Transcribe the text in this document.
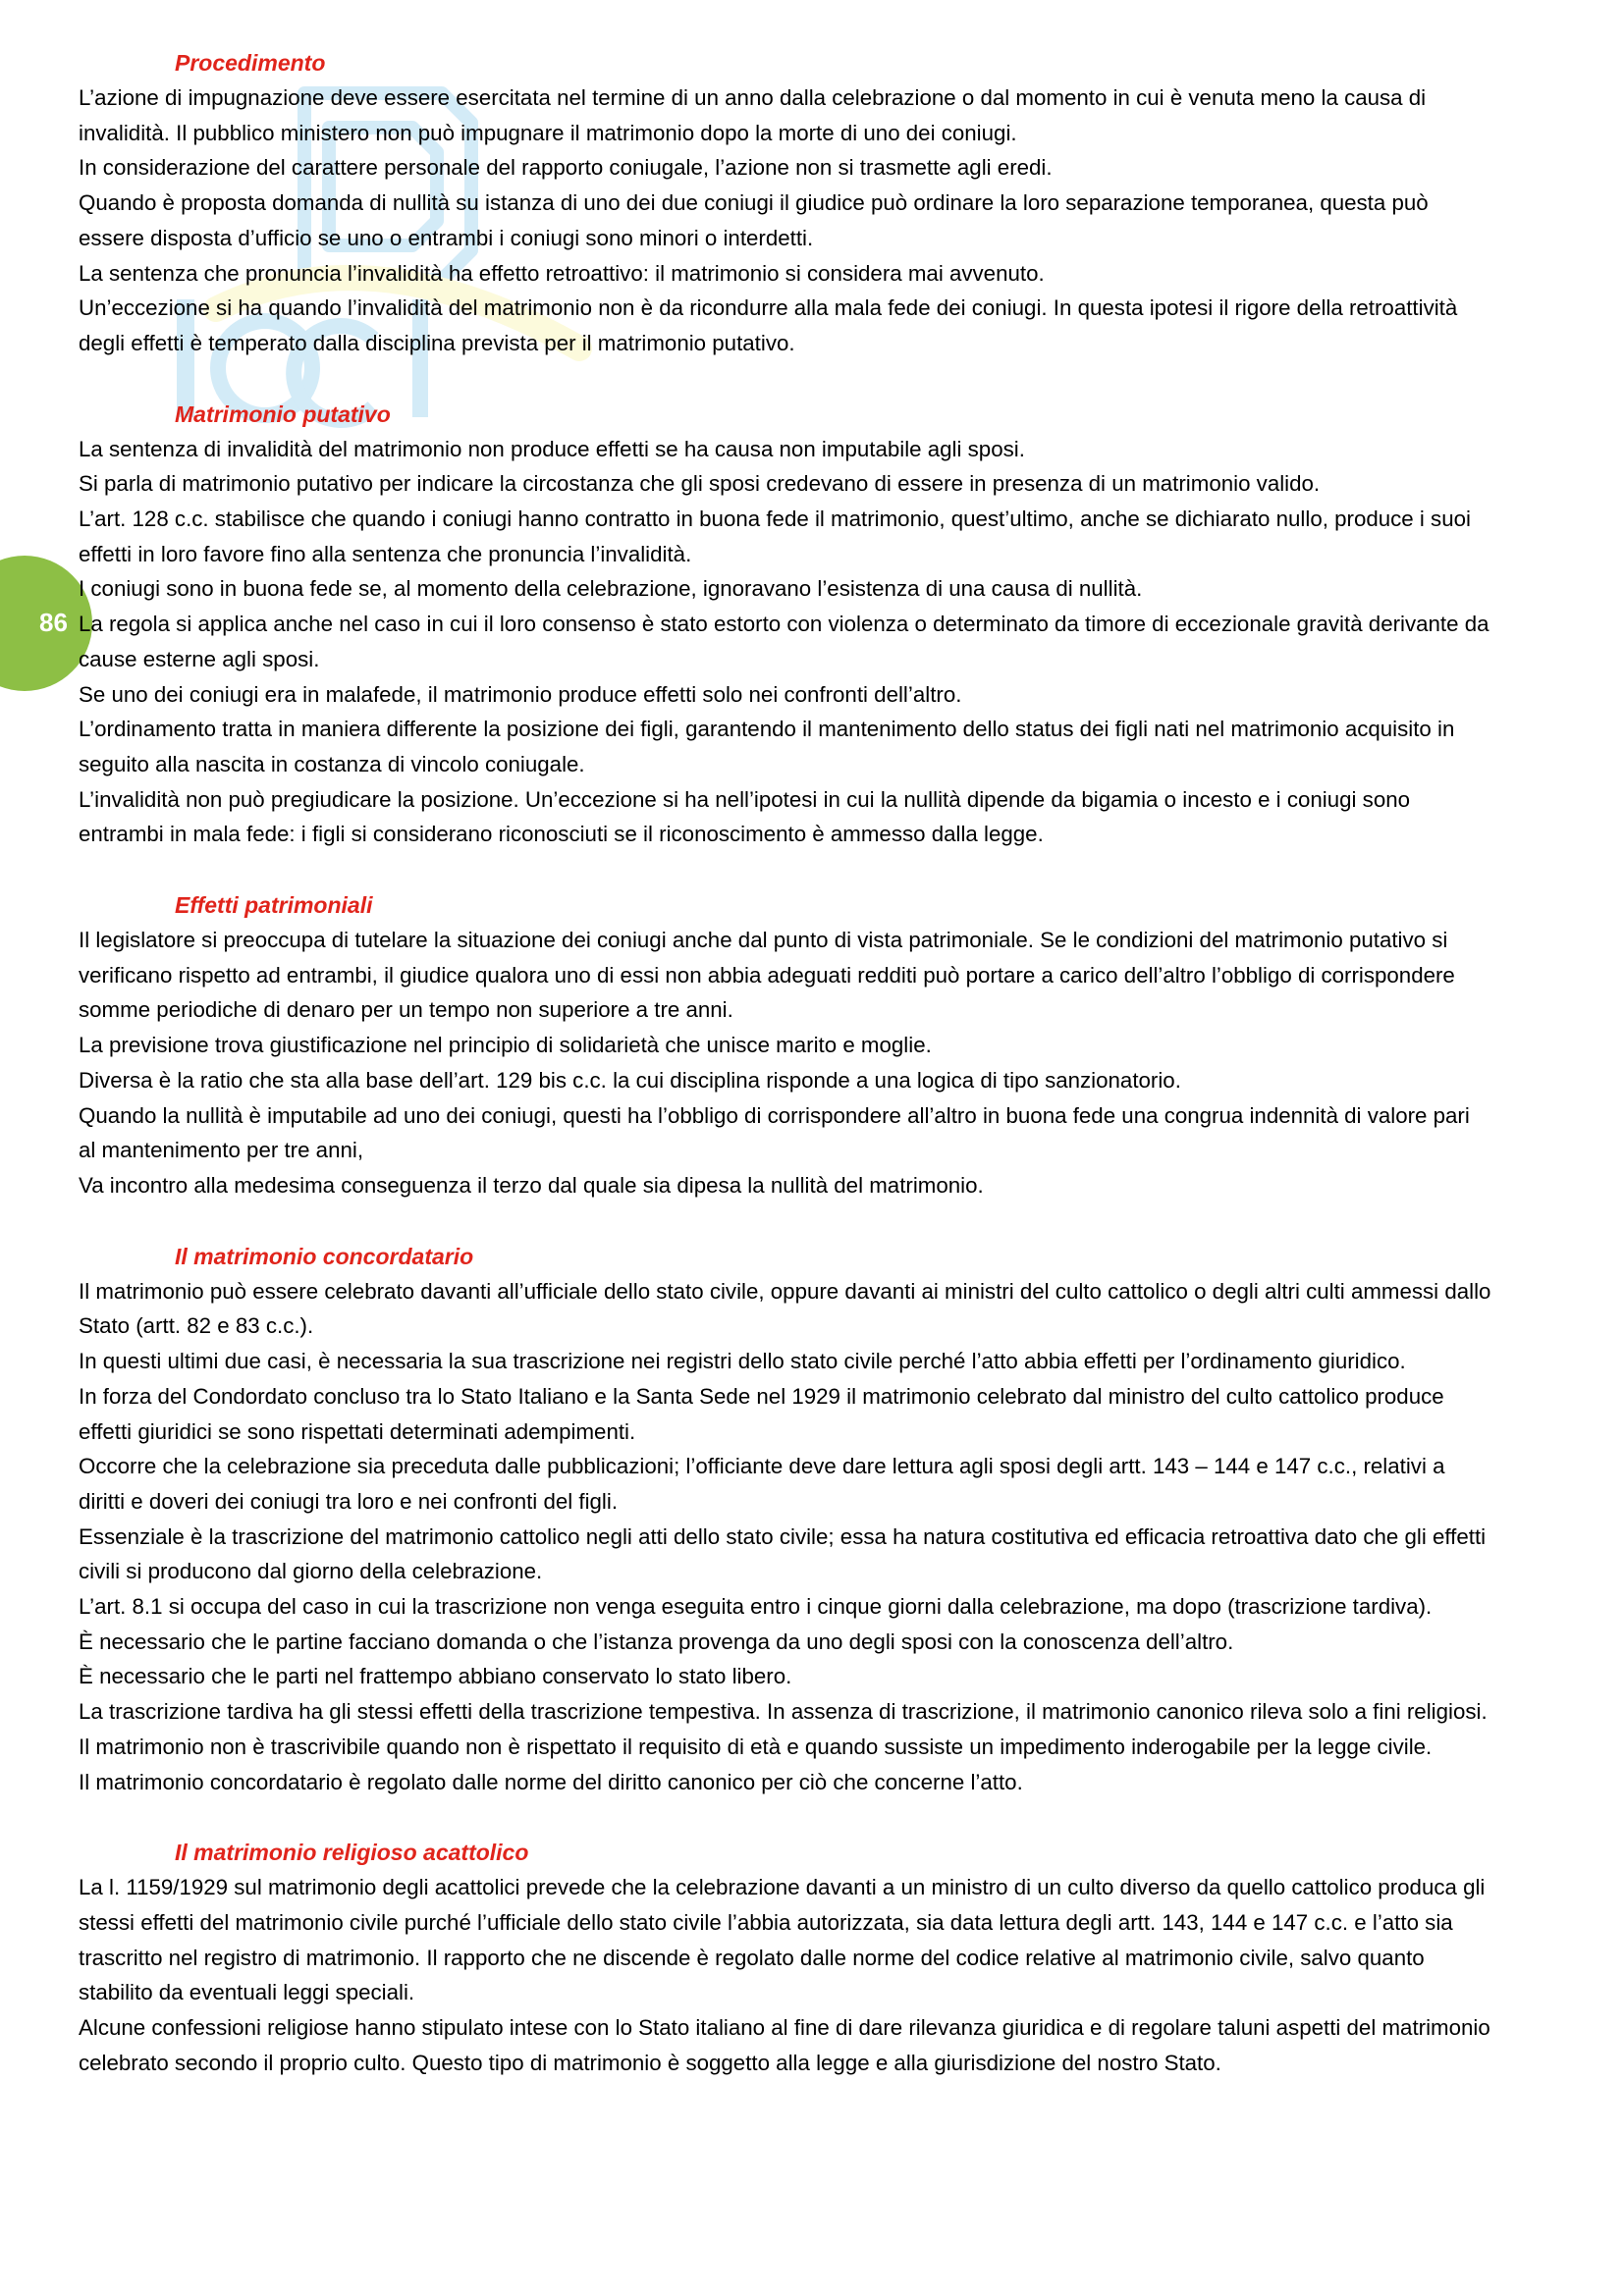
86
Procedimento

L’azione di impugnazione deve essere esercitata nel termine di un anno dalla celebrazione o dal momento in cui è venuta meno la causa di invalidità. Il pubblico ministero non può impugnare il matrimonio dopo la morte di uno dei coniugi.

In considerazione del carattere personale del rapporto coniugale, l’azione non si trasmette agli eredi.

Quando è proposta domanda di nullità su istanza di uno dei due coniugi il giudice può ordinare la loro separazione temporanea, questa può essere disposta d’ufficio se uno o entrambi i coniugi sono minori o interdetti.

La sentenza che pronuncia l’invalidità ha effetto retroattivo: il matrimonio si considera mai avvenuto.

Un’eccezione si ha quando l’invalidità del matrimonio non è da ricondurre alla mala fede dei coniugi. In questa ipotesi il rigore della retroattività degli effetti è temperato dalla disciplina prevista per il matrimonio putativo.

Matrimonio putativo

La sentenza di invalidità del matrimonio non produce effetti se ha causa non imputabile agli sposi.

Si parla di matrimonio putativo per indicare la circostanza che gli sposi credevano di essere in presenza di un matrimonio valido.

L’art. 128 c.c. stabilisce che quando i coniugi hanno contratto in buona fede il matrimonio, quest’ultimo, anche se dichiarato nullo, produce i suoi effetti in loro favore fino alla sentenza che pronuncia l’invalidità.

I coniugi sono in buona fede se, al momento della celebrazione, ignoravano l’esistenza di una causa di nullità.

La regola si applica anche nel caso in cui il loro consenso è stato estorto con violenza o determinato da timore di eccezionale gravità derivante da cause esterne agli sposi.

Se uno dei coniugi era in malafede, il matrimonio produce effetti solo nei confronti dell’altro.

L’ordinamento tratta in maniera differente la posizione dei figli, garantendo il mantenimento dello status dei figli nati nel matrimonio acquisito in seguito alla nascita in costanza di vincolo coniugale.

L’invalidità non può pregiudicare la posizione. Un’eccezione si ha nell’ipotesi in cui la nullità dipende da bigamia o incesto e i coniugi sono entrambi in mala fede: i figli si considerano riconosciuti se il riconoscimento è ammesso dalla legge.

Effetti patrimoniali

Il legislatore si preoccupa di tutelare la situazione dei coniugi anche dal punto di vista patrimoniale. Se le condizioni del matrimonio putativo si verificano rispetto ad entrambi, il giudice qualora uno di essi non abbia adeguati redditi può portare a carico dell’altro l’obbligo di corrispondere somme periodiche di denaro per un tempo non superiore a tre anni.

La previsione trova giustificazione nel principio di solidarietà che unisce marito e moglie.

Diversa è la ratio che sta alla base dell’art. 129 bis c.c. la cui disciplina risponde a una logica di tipo sanzionatorio.

Quando la nullità è imputabile ad uno dei coniugi, questi ha l’obbligo di corrispondere all’altro in buona fede una congrua indennità di valore pari al mantenimento per tre anni,

Va incontro alla medesima conseguenza il terzo dal quale sia dipesa la nullità del matrimonio.

Il matrimonio concordatario

Il matrimonio può essere celebrato davanti all’ufficiale dello stato civile, oppure davanti ai ministri del culto cattolico o degli altri culti ammessi dallo Stato (artt. 82 e 83 c.c.).

In questi ultimi due casi, è necessaria la sua trascrizione nei registri dello stato civile perché l’atto abbia effetti per l’ordinamento giuridico.

In forza del Condordato concluso tra lo Stato Italiano e la Santa Sede nel 1929 il matrimonio celebrato dal ministro del culto cattolico produce effetti giuridici se sono rispettati determinati adempimenti.

Occorre che la celebrazione sia preceduta dalle pubblicazioni; l’officiante deve dare lettura agli sposi degli artt. 143 – 144 e 147 c.c., relativi a diritti e doveri dei coniugi tra loro e nei confronti del figli.

Essenziale è la trascrizione del matrimonio cattolico negli atti dello stato civile; essa ha natura costitutiva ed efficacia retroattiva dato che gli effetti civili si producono dal giorno della celebrazione.

L’art. 8.1 si occupa del caso in cui la trascrizione non venga eseguita entro i cinque giorni dalla celebrazione, ma dopo (trascrizione tardiva).

È necessario che le partine facciano domanda o che l’istanza provenga da uno degli sposi con la conoscenza dell’altro.

È necessario che le parti nel frattempo abbiano conservato lo stato libero.

La trascrizione tardiva ha gli stessi effetti della trascrizione tempestiva. In assenza di trascrizione, il matrimonio canonico rileva solo a fini religiosi. Il matrimonio non è trascrivibile quando non è rispettato il requisito di età e quando sussiste un impedimento inderogabile per la legge civile.

Il matrimonio concordatario è regolato dalle norme del diritto canonico per ciò che concerne l’atto.

Il matrimonio religioso acattolico

La l. 1159/1929 sul matrimonio degli acattolici prevede che la celebrazione davanti a un ministro di un culto diverso da quello cattolico produca gli stessi effetti del matrimonio civile purché l’ufficiale dello stato civile l’abbia autorizzata, sia data lettura degli artt. 143, 144 e 147 c.c. e l’atto sia trascritto nel registro di matrimonio. Il rapporto che ne discende è regolato dalle norme del codice relative al matrimonio civile, salvo quanto stabilito da eventuali leggi speciali.

Alcune confessioni religiose hanno stipulato intese con lo Stato italiano al fine di dare rilevanza giuridica e di regolare taluni aspetti del matrimonio celebrato secondo il proprio culto. Questo tipo di matrimonio è soggetto alla legge e alla giurisdizione del nostro Stato.
